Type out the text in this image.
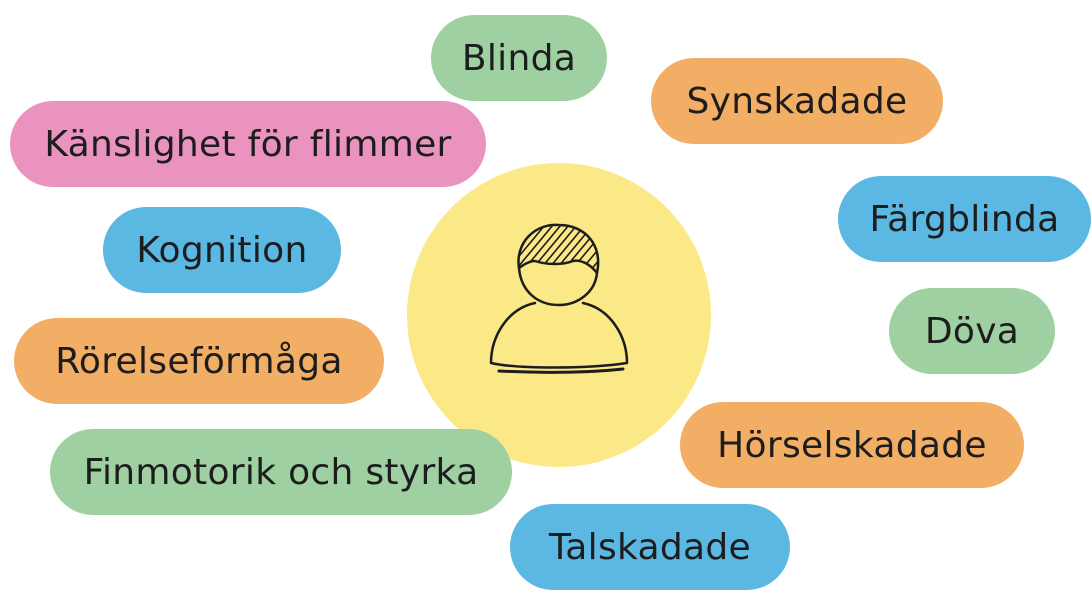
Blinda
Synskadade
Känslighet för flimmer
Färgblinda
Kognition
Döva
Rörelseförmåga
Hörselskadade
Finmotorik och styrka
Talskadade
